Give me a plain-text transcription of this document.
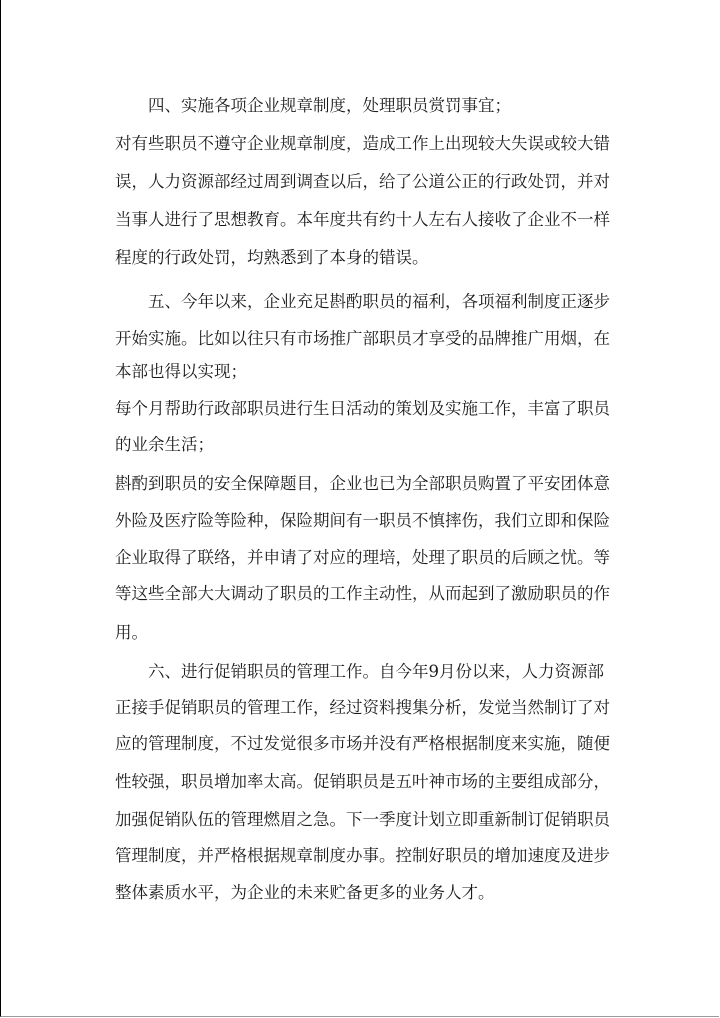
四、实施各项企业规章制度，处理职员赏罚事宜；

对有些职员不遵守企业规章制度，造成工作上出现较大失误或较大错

误，人力资源部经过周到调查以后，给了公道公正的行政处罚，并对

当事人进行了思想教育。本年度共有约十人左右人接收了企业不一样

程度的行政处罚，均熟悉到了本身的错误。

五、今年以来，企业充足斟酌职员的福利，各项福利制度正逐步

开始实施。比如以往只有市场推广部职员才享受的品牌推广用烟，在

本部也得以实现；

每个月帮助行政部职员进行生日活动的策划及实施工作，丰富了职员

的业余生活；

斟酌到职员的安全保障题目，企业也已为全部职员购置了平安团体意

外险及医疗险等险种，保险期间有一职员不慎摔伤，我们立即和保险

企业取得了联络，并申请了对应的理培，处理了职员的后顾之忧。等

等这些全部大大调动了职员的工作主动性，从而起到了激励职员的作

用。

六、进行促销职员的管理工作。自今年9月份以来，人力资源部

正接手促销职员的管理工作，经过资料搜集分析，发觉当然制订了对

应的管理制度，不过发觉很多市场并没有严格根据制度来实施，随便

性较强，职员增加率太高。促销职员是五叶神市场的主要组成部分，

加强促销队伍的管理燃眉之急。下一季度计划立即重新制订促销职员

管理制度，并严格根据规章制度办事。控制好职员的增加速度及进步

整体素质水平，为企业的未来贮备更多的业务人才。
